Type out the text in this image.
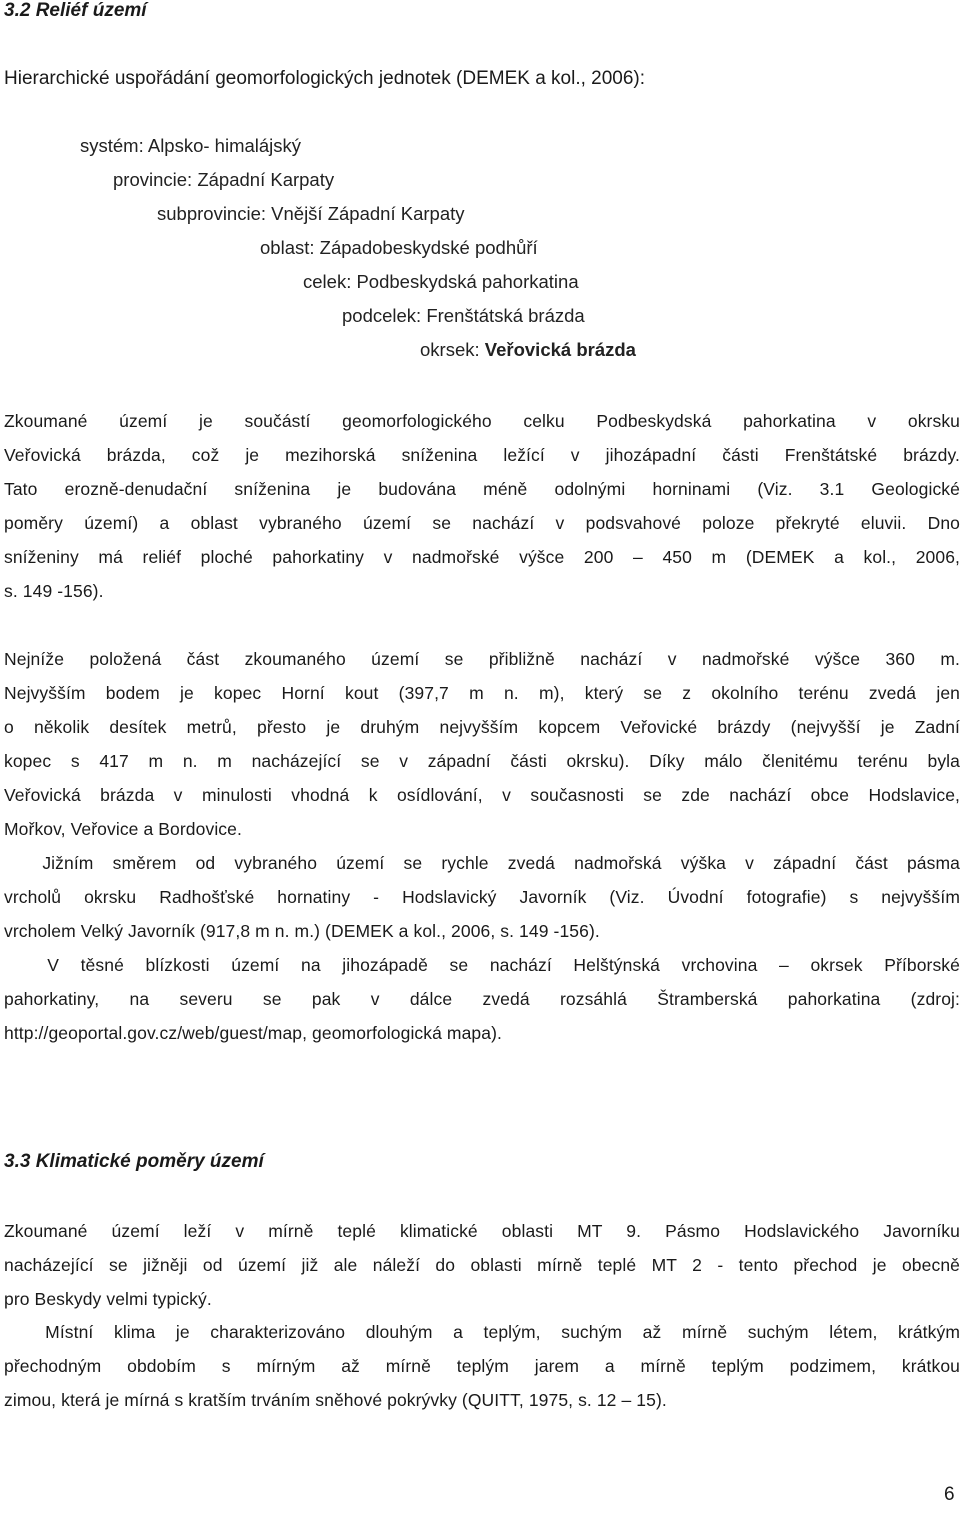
3.2 Reliéf území
Hierarchické uspořádání geomorfologických jednotek (DEMEK a kol., 2006):
systém: Alpsko- himalájský
provincie: Západní Karpaty
subprovincie: Vnější Západní Karpaty
oblast: Západobeskydské podhůří
celek: Podbeskydská pahorkatina
podcelek: Frenštátská brázda
okrsek: Veřovická brázda
Zkoumané území je součástí geomorfologického celku Podbeskydská pahorkatina v okrsku
Veřovická brázda, což je mezihorská sníženina ležící v jihozápadní části Frenštátské brázdy.
Tato erozně-denudační sníženina je budována méně odolnými horninami (Viz. 3.1 Geologické
poměry území) a oblast vybraného území se nachází v podsvahové poloze překryté eluvii. Dno
sníženiny má reliéf ploché pahorkatiny v nadmořské výšce 200 – 450 m (DEMEK a kol., 2006,
s. 149 -156).
Nejníže položená část zkoumaného území se přibližně nachází v nadmořské výšce 360 m.
Nejvyšším bodem je kopec Horní kout (397,7 m n. m), který se z okolního terénu zvedá jen
o několik desítek metrů, přesto je druhým nejvyšším kopcem Veřovické brázdy (nejvyšší je Zadní
kopec s 417 m n. m nacházející se v západní části okrsku). Díky málo členitému terénu byla
Veřovická brázda v minulosti vhodná k osídlování, v současnosti se zde nachází obce Hodslavice,
Mořkov, Veřovice a Bordovice.
Jižním směrem od vybraného území se rychle zvedá nadmořská výška v západní část pásma
vrcholů okrsku Radhošťské hornatiny - Hodslavický Javorník (Viz. Úvodní fotografie) s nejvyšším
vrcholem Velký Javorník (917,8 m n. m.) (DEMEK a kol., 2006, s. 149 -156).
V těsné blízkosti území na jihozápadě se nachází Helštýnská vrchovina – okrsek Příborské
pahorkatiny, na severu se pak v dálce zvedá rozsáhlá Štramberská pahorkatina (zdroj:
http://geoportal.gov.cz/web/guest/map, geomorfologická mapa).
3.3 Klimatické poměry území
Zkoumané území leží v mírně teplé klimatické oblasti MT 9. Pásmo Hodslavického Javorníku
nacházející se jižněji od území již ale náleží do oblasti mírně teplé MT 2 - tento přechod je obecně
pro Beskydy velmi typický.
Místní klima je charakterizováno dlouhým a teplým, suchým až mírně suchým létem, krátkým
přechodným obdobím s mírným až mírně teplým jarem a mírně teplým podzimem, krátkou
zimou, která je mírná s kratším trváním sněhové pokrývky (QUITT, 1975, s. 12 – 15).
6
